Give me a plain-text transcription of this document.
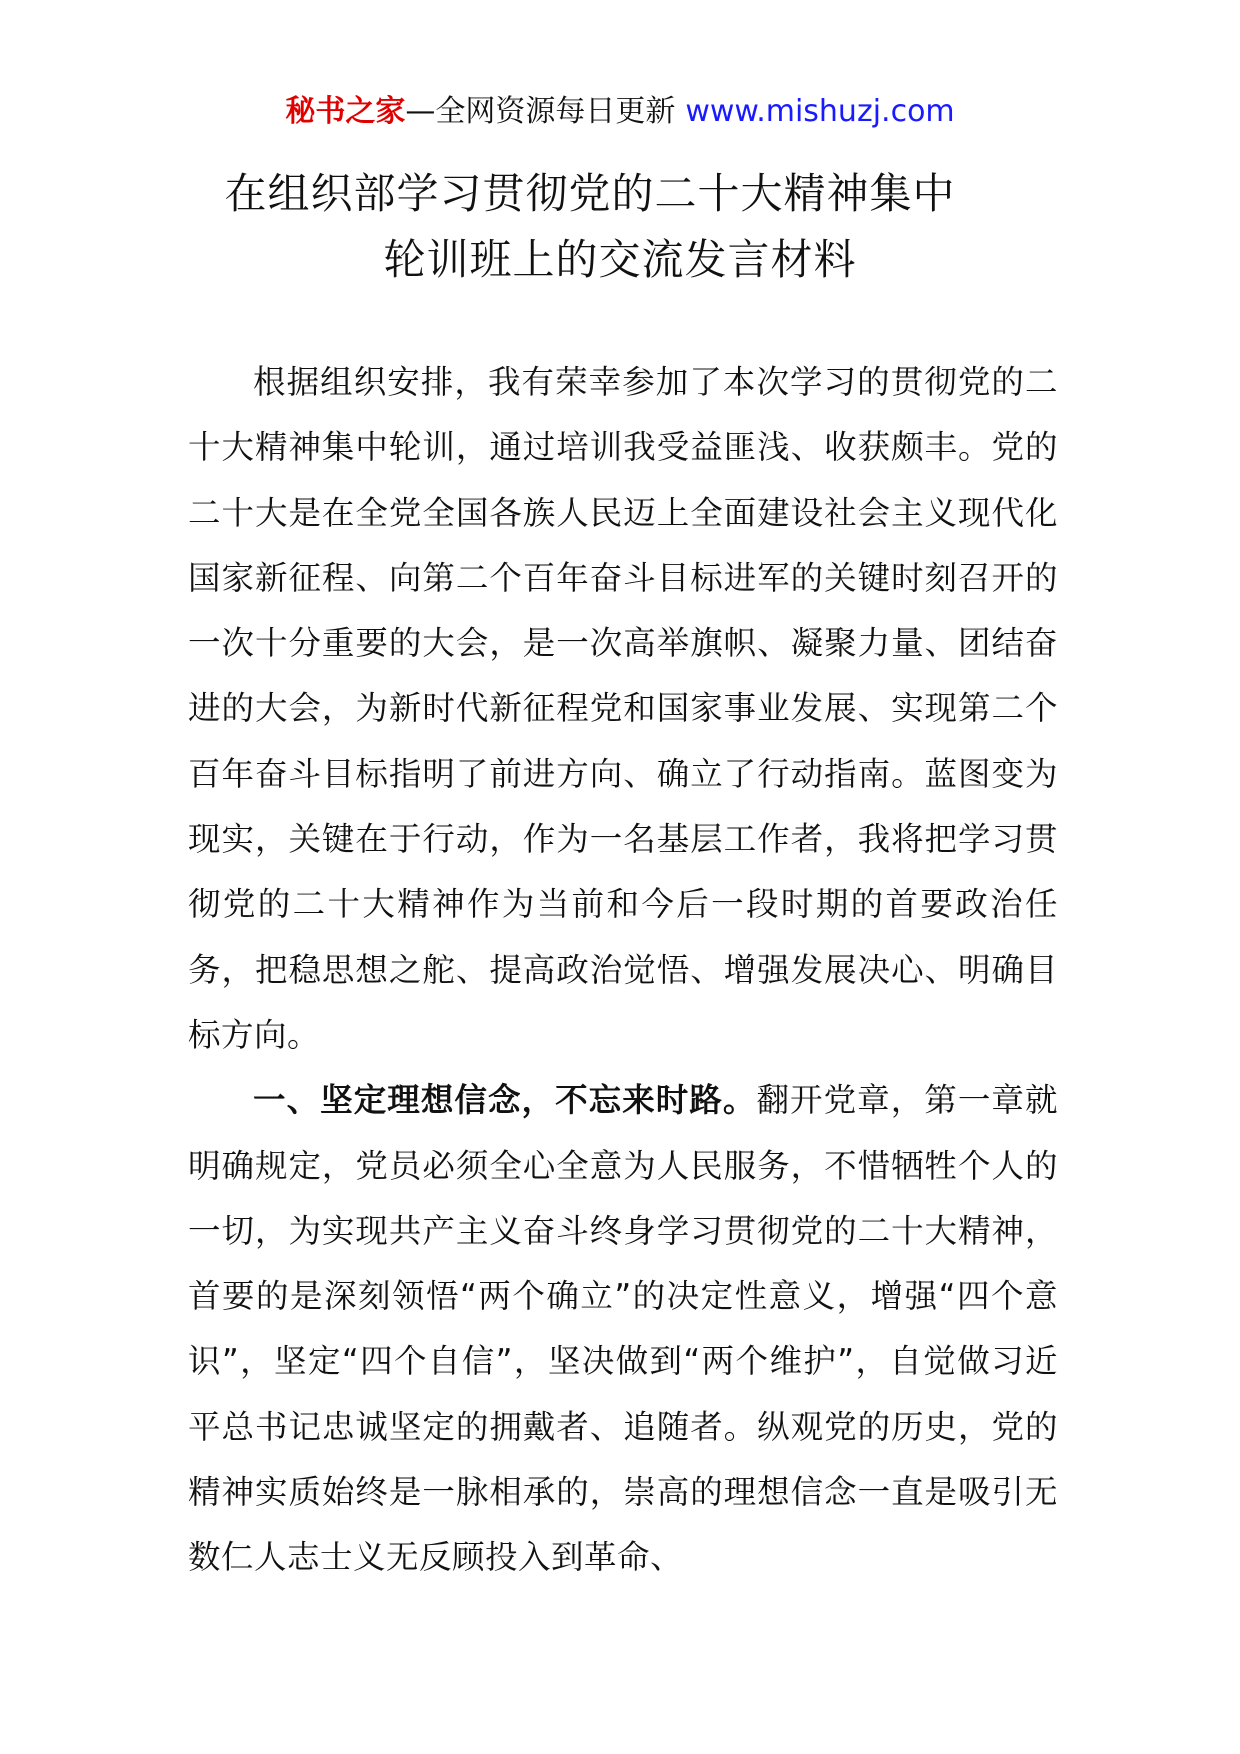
秘书之家—全网资源每日更新 www.mishuzj.com
在组织部学习贯彻党的二十大精神集中
轮训班上的交流发言材料

根据组织安排，我有荣幸参加了本次学习的贯彻党的二十大精神集中轮训，通过培训我受益匪浅、收获颇丰。党的二十大是在全党全国各族人民迈上全面建设社会主义现代化国家新征程、向第二个百年奋斗目标进军的关键时刻召开的一次十分重要的大会，是一次高举旗帜、凝聚力量、团结奋进的大会，为新时代新征程党和国家事业发展、实现第二个百年奋斗目标指明了前进方向、确立了行动指南。蓝图变为现实，关键在于行动，作为一名基层工作者，我将把学习贯彻党的二十大精神作为当前和今后一段时期的首要政治任务，把稳思想之舵、提高政治觉悟、增强发展决心、明确目标方向。

一、坚定理想信念，不忘来时路。翻开党章，第一章就明确规定，党员必须全心全意为人民服务，不惜牺牲个人的一切，为实现共产主义奋斗终身学习贯彻党的二十大精神，首要的是深刻领悟“两个确立”的决定性意义，增强“四个意识”，坚定“四个自信”，坚决做到“两个维护”，自觉做习近平总书记忠诚坚定的拥戴者、追随者。纵观党的历史，党的精神实质始终是一脉相承的，崇高的理想信念一直是吸引无数仁人志士义无反顾投入到革命、
